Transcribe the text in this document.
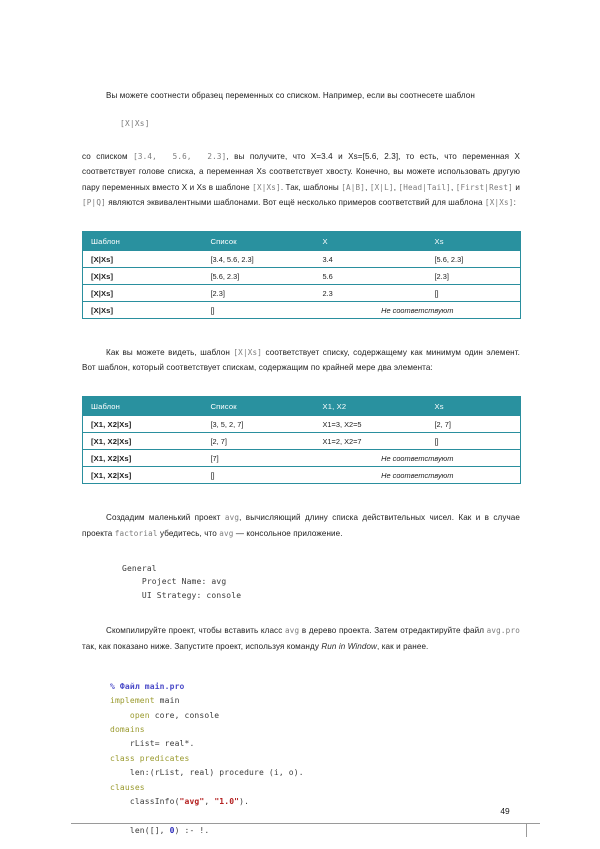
Вы можете соотнести образец переменных со списком. Например, если вы соотнесете шаблон

[X|Xs]

со списком [3.4,  5.6,  2.3], вы получите, что X=3.4 и Xs=[5.6, 2.3], то есть, что переменная X соответствует голове списка, а переменная Xs соответствует хвосту. Конечно, вы можете использовать другую пару переменных вместо X и Xs в шаблоне [X|Xs]. Так, шаблоны [A|B], [X|L], [Head|Tail], [First|Rest] и [P|Q] являются эквивалентными шаблонами. Вот ещё несколько примеров соответствий для шаблона [X|Xs]:

Шаблон	Список	X	Xs
[X|Xs]	[3.4, 5.6, 2.3]	3.4	[5.6, 2.3]
[X|Xs]	[5.6, 2.3]	5.6	[2.3]
[X|Xs]	[2.3]	2.3	[]
[X|Xs]	[]	Не соответствуют	

Как вы можете видеть, шаблон [X|Xs] соответствует списку, содержащему как минимум один элемент. Вот шаблон, который соответствует спискам, содержащим по крайней мере два элемента:

Шаблон	Список	X1, X2	Xs
[X1, X2|Xs]	[3, 5, 2, 7]	X1=3, X2=5	[2, 7]
[X1, X2|Xs]	[2, 7]	X1=2, X2=7	[]
[X1, X2|Xs]	[7]	Не соответствуют	
[X1, X2|Xs]	[]	Не соответствуют	

Создадим маленький проект avg, вычисляющий длину списка действительных чисел. Как и в случае проекта factorial убедитесь, что avg — консольное приложение.

General
Project Name: avg
UI Strategy: console

Скомпилируйте проект, чтобы вставить класс avg в дерево проекта. Затем отредактируйте файл avg.pro так, как показано ниже. Запустите проект, используя команду Run in Window, как и ранее.

% Файл main.pro
implement main
open core, console
domains
rList= real*.
class predicates
len:(rList, real) procedure (i, o).
clauses
classInfo("avg", "1.0").

len([], 0) :- !.
49
